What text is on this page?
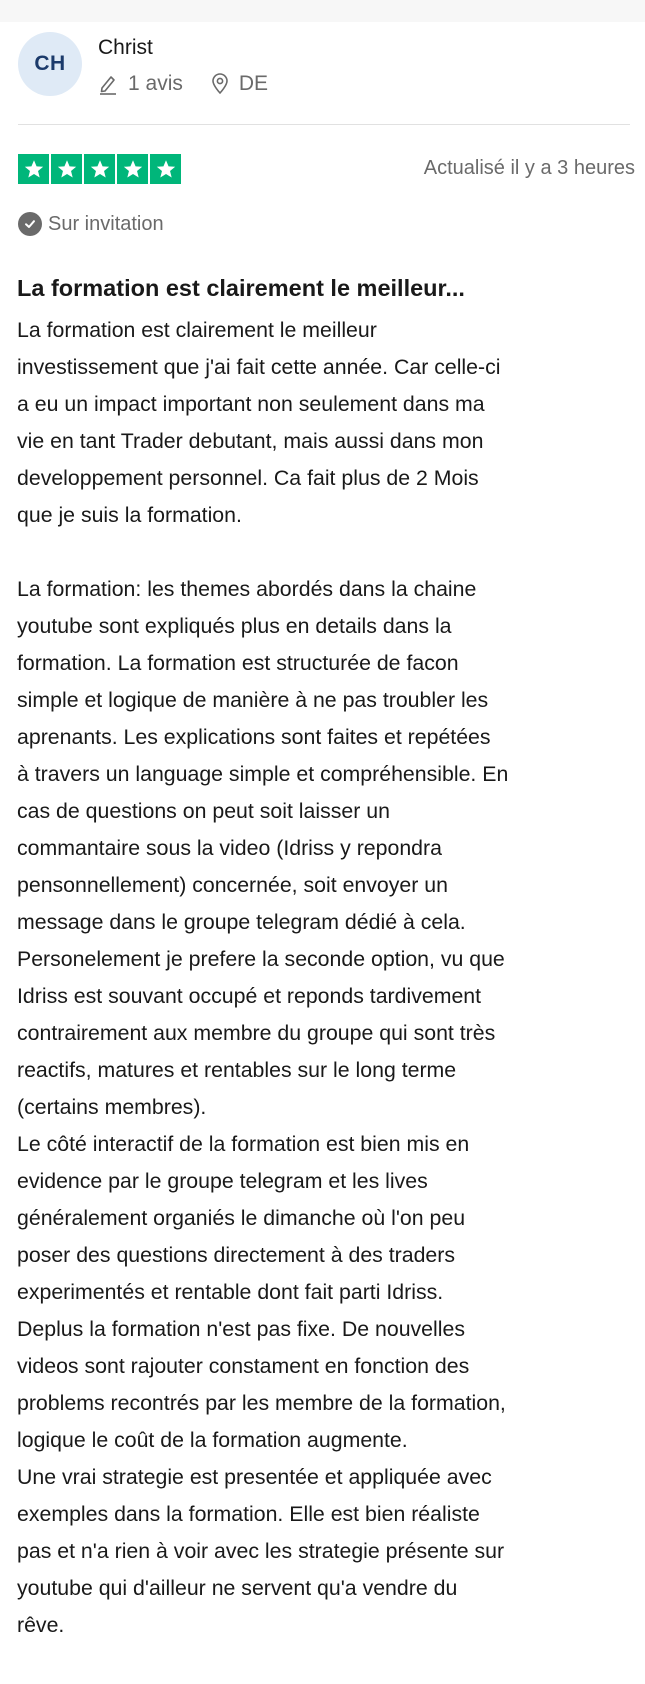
CH
Christ
1 avis	DE
Actualisé il y a 3 heures
Sur invitation
La formation est clairement le meilleur...
La formation est clairement le meilleur
investissement que j'ai fait cette année. Car celle-ci
a eu un impact important non seulement dans ma
vie en tant Trader debutant, mais aussi dans mon
developpement personnel. Ca fait plus de 2 Mois
que je suis la formation.
La formation: les themes abordés dans la chaine
youtube sont expliqués plus en details dans la
formation. La formation est structurée de facon
simple et logique de manière à ne pas troubler les
aprenants. Les explications sont faites et repétées
à travers un language simple et compréhensible. En
cas de questions on peut soit laisser un
commantaire sous la video (Idriss y repondra
pensonnellement) concernée, soit envoyer un
message dans le groupe telegram dédié à cela.
Personelement je prefere la seconde option, vu que
Idriss est souvant occupé et reponds tardivement
contrairement aux membre du groupe qui sont très
reactifs, matures et rentables sur le long terme
(certains membres).
Le côté interactif de la formation est bien mis en
evidence par le groupe telegram et les lives
généralement organiés le dimanche où l'on peu
poser des questions directement à des traders
experimentés et rentable dont fait parti Idriss.
Deplus la formation n'est pas fixe. De nouvelles
videos sont rajouter constament en fonction des
problems recontrés par les membre de la formation,
logique le coût de la formation augmente.
Une vrai strategie est presentée et appliquée avec
exemples dans la formation. Elle est bien réaliste
pas et n'a rien à voir avec les strategie présente sur
youtube qui d'ailleur ne servent qu'a vendre du
rêve.
